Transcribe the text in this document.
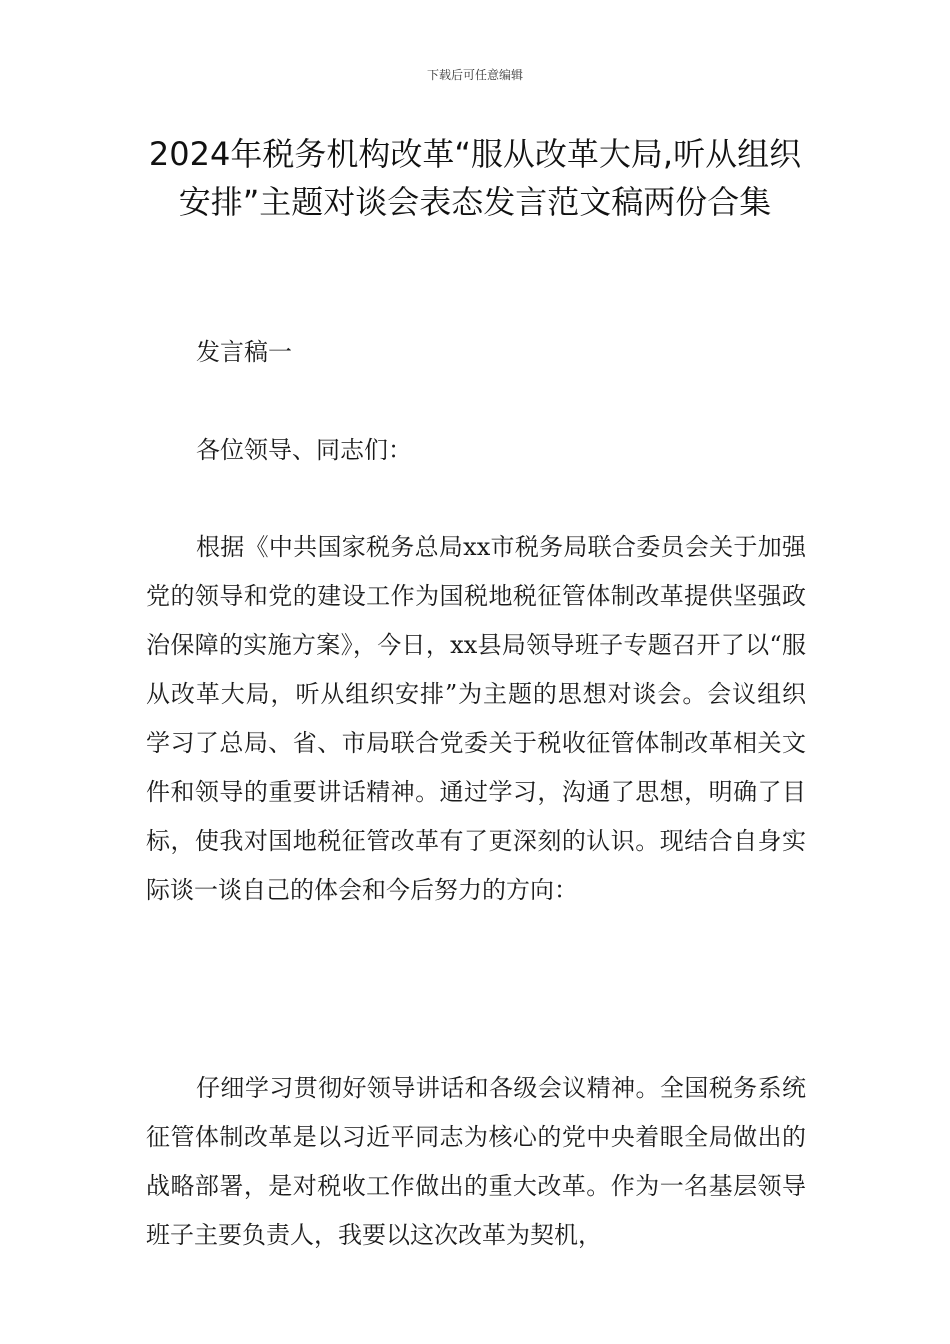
下载后可任意编辑
2024年税务机构改革“服从改革大局,听从组织安排”主题对谈会表态发言范文稿两份合集

发言稿一

各位领导、同志们：

根据《中共国家税务总局xx市税务局联合委员会关于加强党的领导和党的建设工作为国税地税征管体制改革提供坚强政治保障的实施方案》，今日，xx县局领导班子专题召开了以“服从改革大局，听从组织安排”为主题的思想对谈会。会议组织学习了总局、省、市局联合党委关于税收征管体制改革相关文件和领导的重要讲话精神。通过学习，沟通了思想，明确了目标，使我对国地税征管改革有了更深刻的认识。现结合自身实际谈一谈自己的体会和今后努力的方向：

仔细学习贯彻好领导讲话和各级会议精神。全国税务系统征管体制改革是以习近平同志为核心的党中央着眼全局做出的战略部署，是对税收工作做出的重大改革。作为一名基层领导班子主要负责人，我要以这次改革为契机，
